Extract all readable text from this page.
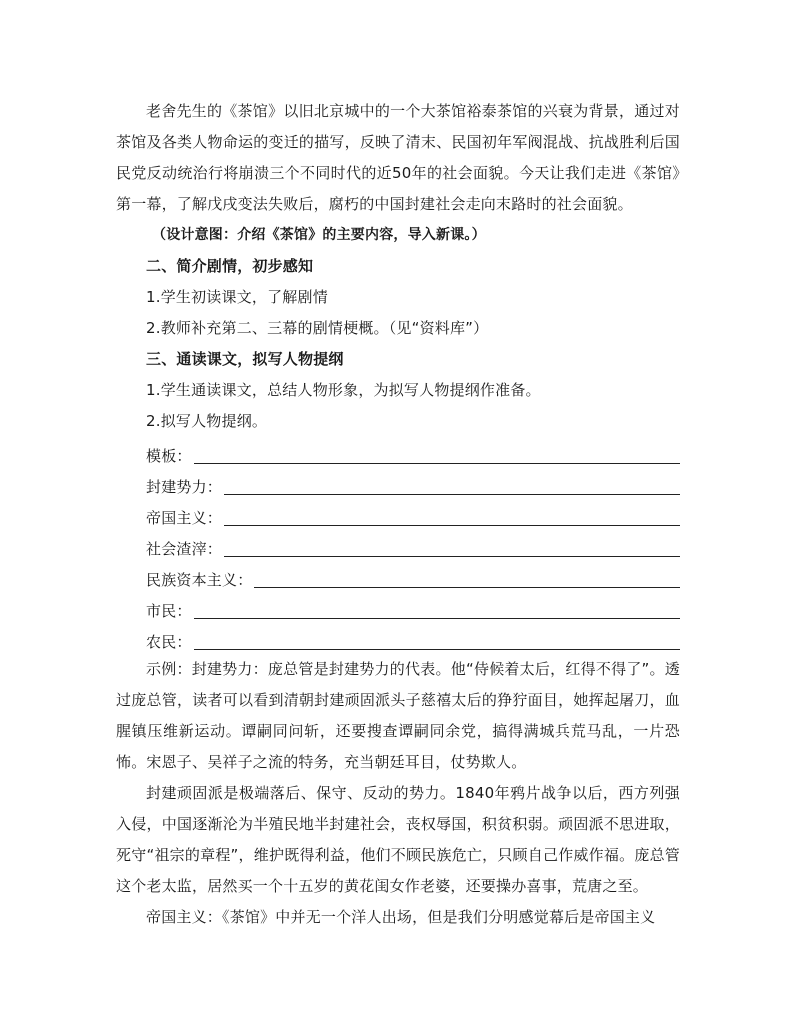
老舍先生的《茶馆》以旧北京城中的一个大茶馆裕泰茶馆的兴衰为背景，通过对茶馆及各类人物命运的变迁的描写，反映了清末、民国初年军阀混战、抗战胜利后国民党反动统治行将崩溃三个不同时代的近50年的社会面貌。今天让我们走进《茶馆》第一幕，了解戊戌变法失败后，腐朽的中国封建社会走向末路时的社会面貌。

（设计意图：介绍《茶馆》的主要内容，导入新课。）

二、简介剧情，初步感知

1.学生初读课文，了解剧情

2.教师补充第二、三幕的剧情梗概。（见“资料库”）

三、通读课文，拟写人物提纲

1.学生通读课文，总结人物形象，为拟写人物提纲作准备。

2.拟写人物提纲。

模板：
封建势力：
帝国主义：
社会渣滓：
民族资本主义：
市民：
农民：

示例：封建势力：庞总管是封建势力的代表。他“侍候着太后，红得不得了”。透过庞总管，读者可以看到清朝封建顽固派头子慈禧太后的狰狞面目，她挥起屠刀，血腥镇压维新运动。谭嗣同问斩，还要搜查谭嗣同余党，搞得满城兵荒马乱，一片恐怖。宋恩子、吴祥子之流的特务，充当朝廷耳目，仗势欺人。

封建顽固派是极端落后、保守、反动的势力。1840年鸦片战争以后，西方列强入侵，中国逐渐沦为半殖民地半封建社会，丧权辱国，积贫积弱。顽固派不思进取，死守“祖宗的章程”，维护既得利益，他们不顾民族危亡，只顾自己作威作福。庞总管这个老太监，居然买一个十五岁的黄花闺女作老婆，还要操办喜事，荒唐之至。

帝国主义：《茶馆》中并无一个洋人出场，但是我们分明感觉幕后是帝国主义
